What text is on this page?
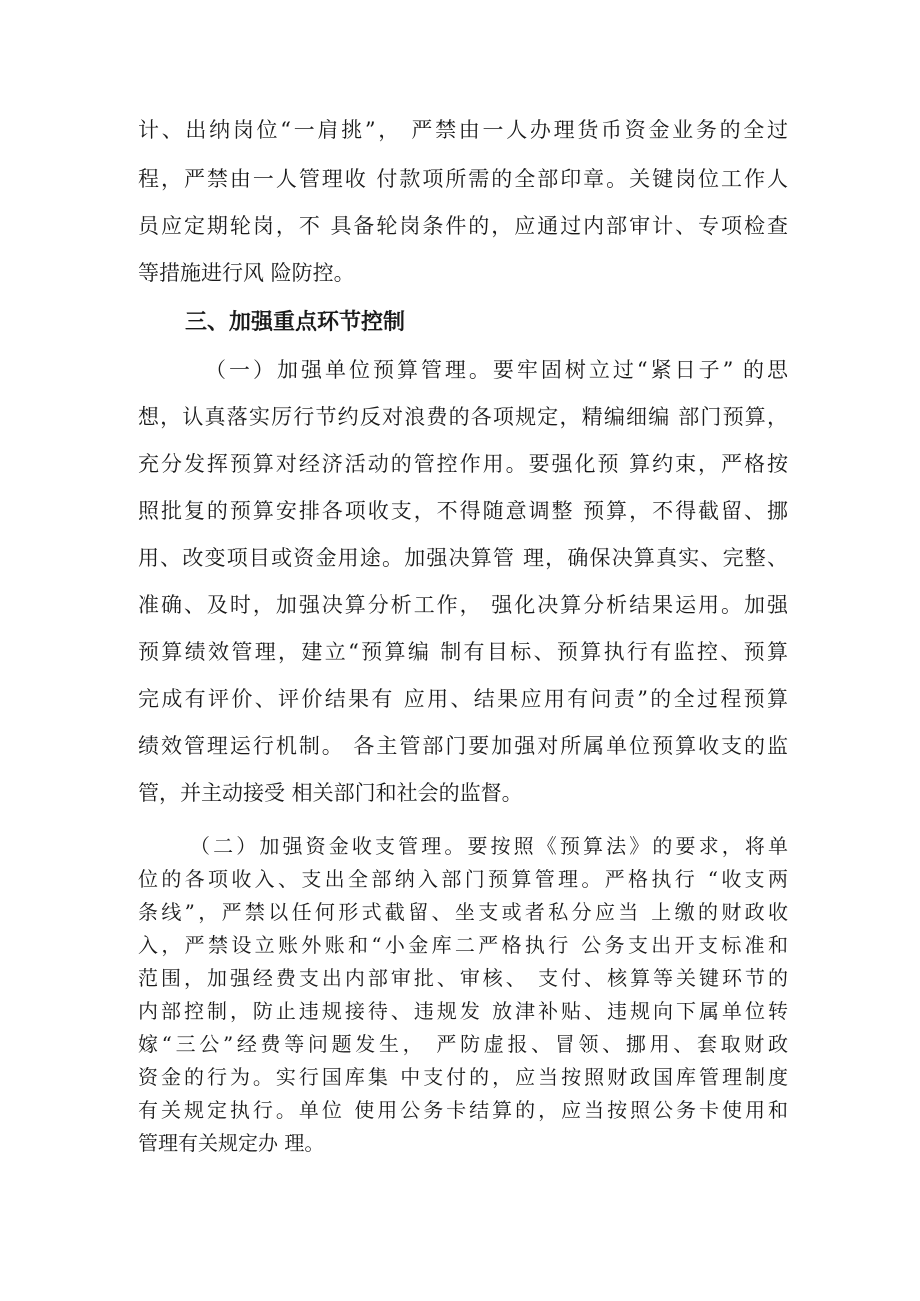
计、出纳岗位“一肩挑”， 严禁由一人办理货币资金业务的全过
程，严禁由一人管理收 付款项所需的全部印章。关键岗位工作人
员应定期轮岗，不 具备轮岗条件的，应通过内部审计、专项检查
等措施进行风 险防控。
三、加强重点环节控制
（一）加强单位预算管理。要牢固树立过“紧日子” 的思
想，认真落实厉行节约反对浪费的各项规定，精编细编 部门预算，
充分发挥预算对经济活动的管控作用。要强化预 算约束，严格按
照批复的预算安排各项收支，不得随意调整 预算，不得截留、挪
用、改变项目或资金用途。加强决算管 理，确保决算真实、完整、
准确、及时，加强决算分析工作， 强化决算分析结果运用。加强
预算绩效管理，建立“预算编 制有目标、预算执行有监控、预算
完成有评价、评价结果有 应用、结果应用有问责”的全过程预算
绩效管理运行机制。 各主管部门要加强对所属单位预算收支的监
管，并主动接受 相关部门和社会的监督。
（二）加强资金收支管理。要按照《预算法》的要求，将单
位的各项收入、支出全部纳入部门预算管理。严格执行 “收支两
条线”，严禁以任何形式截留、坐支或者私分应当 上缴的财政收
入，严禁设立账外账和“小金库二严格执行 公务支出开支标准和
范围，加强经费支出内部审批、审核、 支付、核算等关键环节的
内部控制，防止违规接待、违规发 放津补贴、违规向下属单位转
嫁“三公”经费等问题发生， 严防虚报、冒领、挪用、套取财政
资金的行为。实行国库集 中支付的，应当按照财政国库管理制度
有关规定执行。单位 使用公务卡结算的，应当按照公务卡使用和
管理有关规定办 理。
